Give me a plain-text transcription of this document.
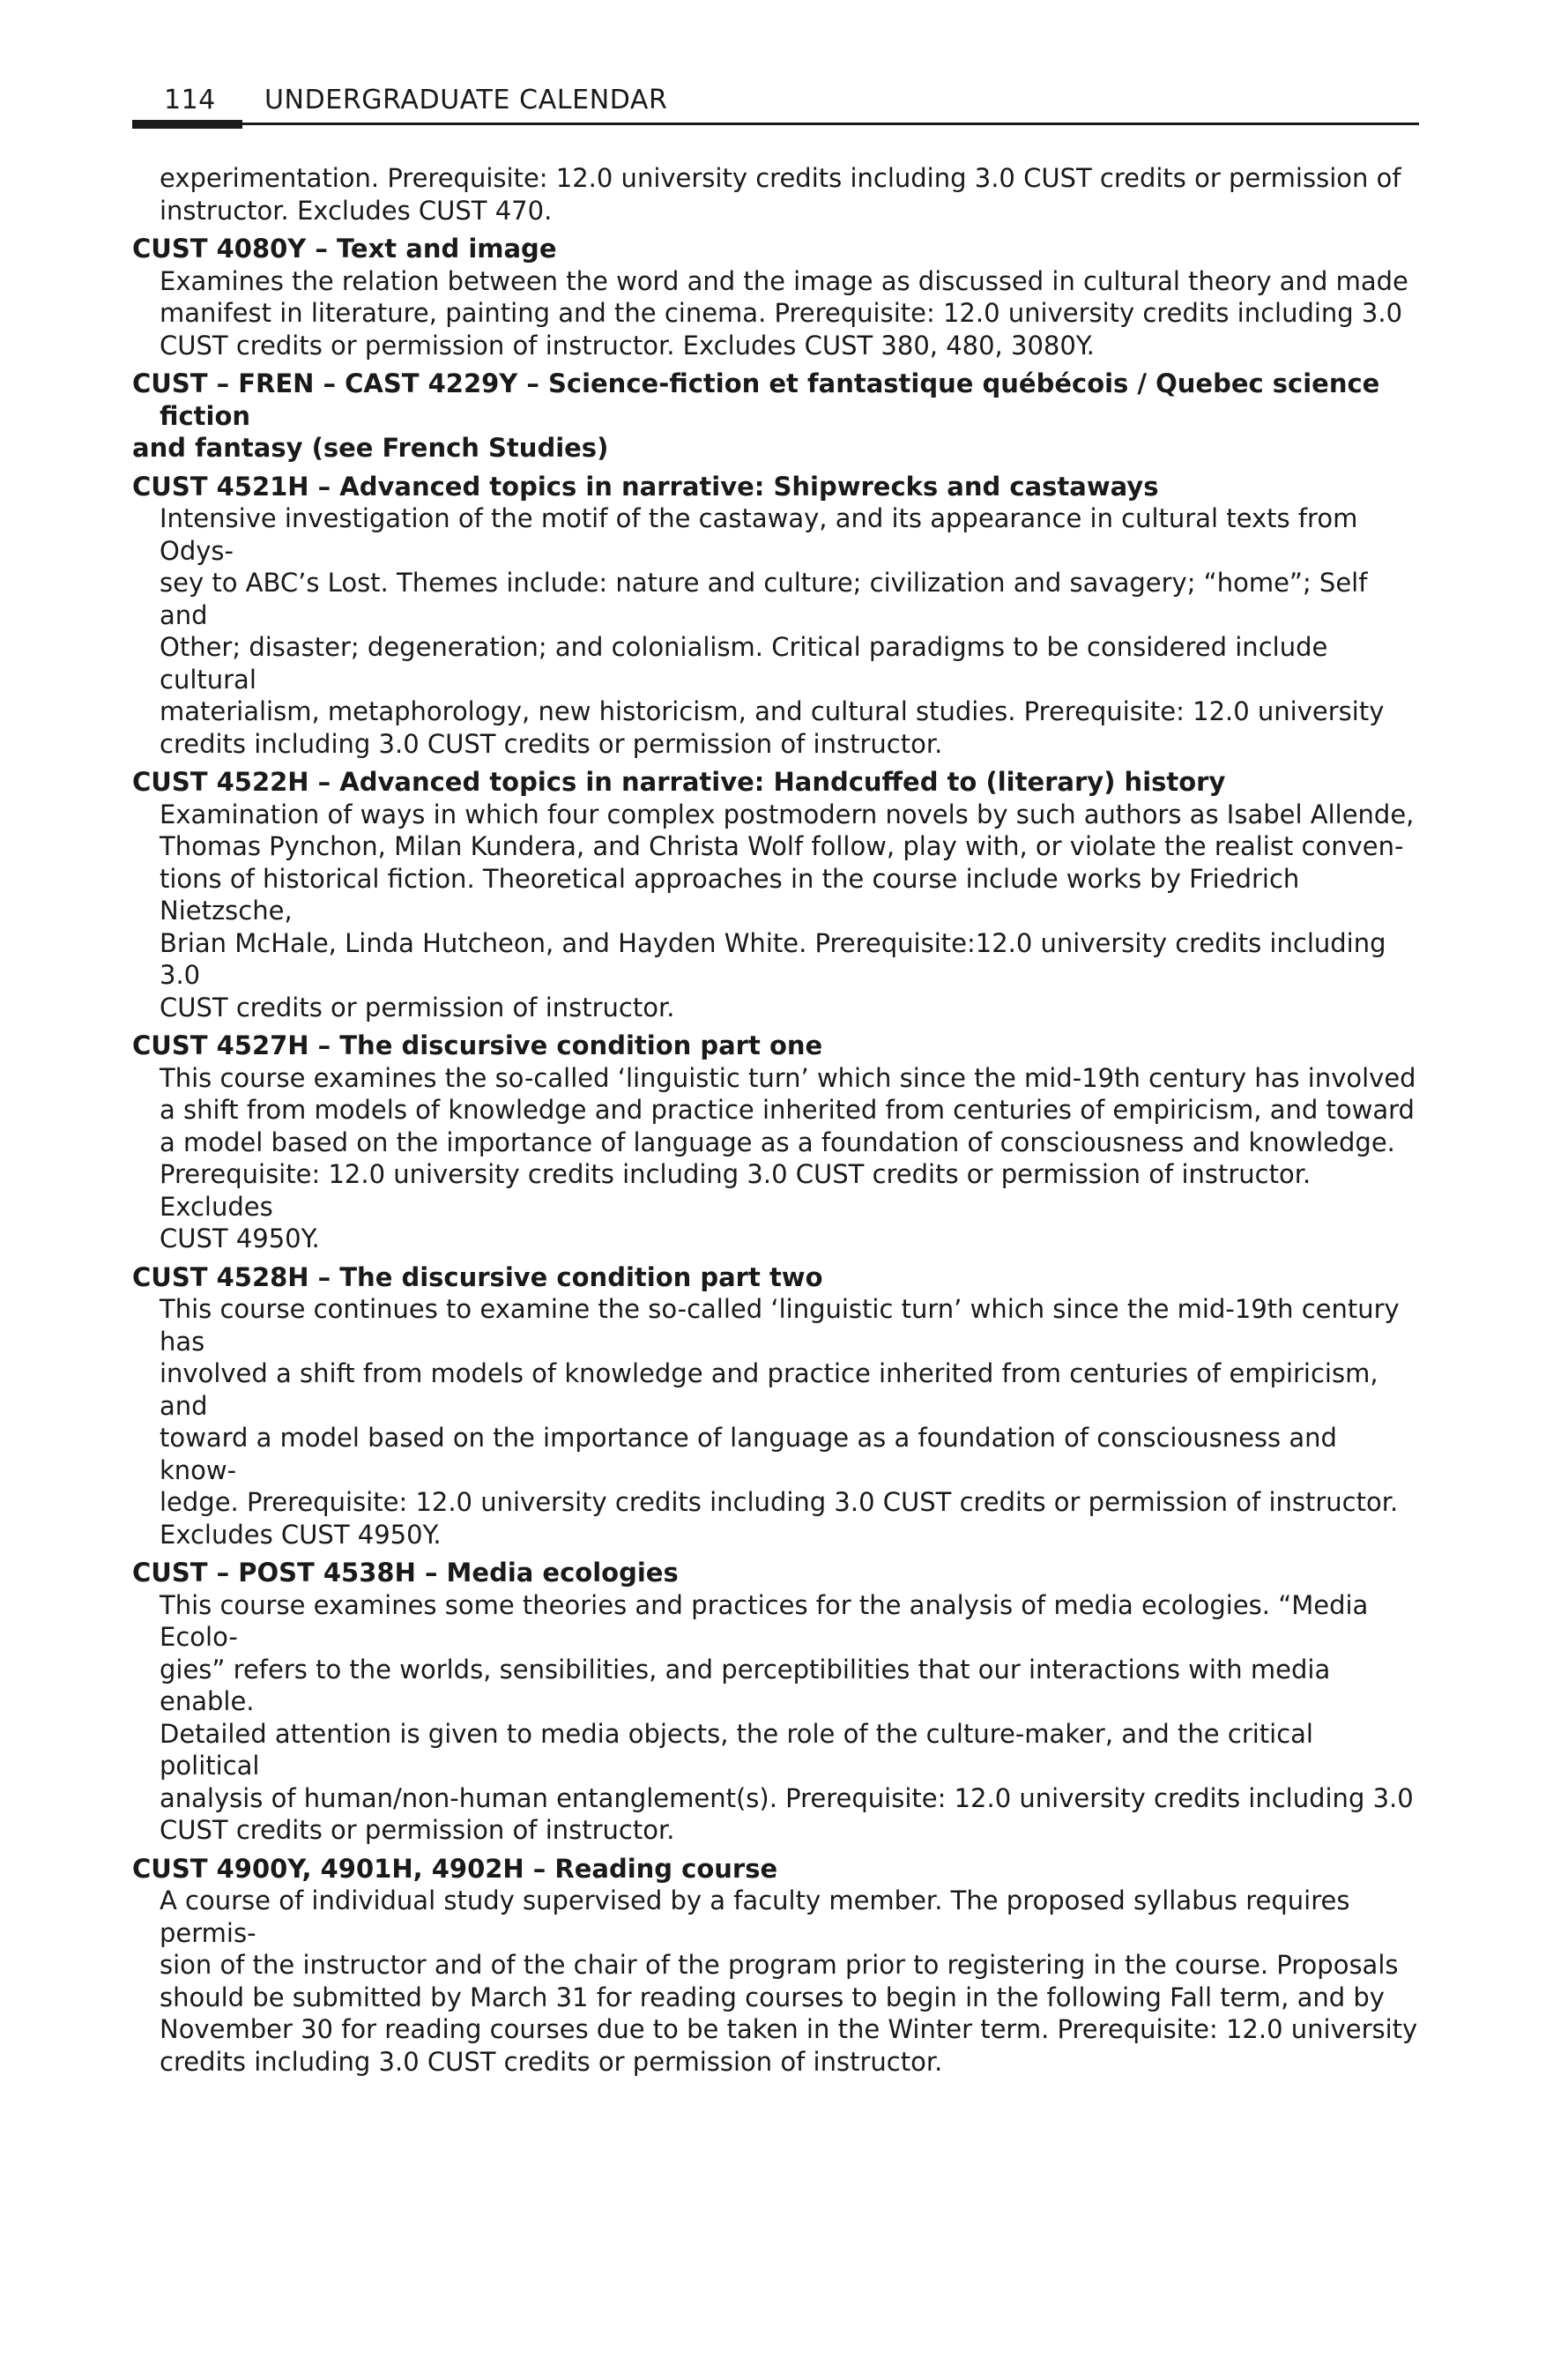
114 UNDERGRADUATE CALENDAR
experimentation. Prerequisite: 12.0 university credits including 3.0 CUST credits or permission of
instructor. Excludes CUST 470.
CUST 4080Y – Text and image
Examines the relation between the word and the image as discussed in cultural theory and made
manifest in literature, painting and the cinema. Prerequisite: 12.0 university credits including 3.0
CUST credits or permission of instructor. Excludes CUST 380, 480, 3080Y.
CUST – FREN – CAST 4229Y – Science-fiction et fantastique québécois / Quebec science fiction
and fantasy (see French Studies)
CUST 4521H – Advanced topics in narrative: Shipwrecks and castaways
Intensive investigation of the motif of the castaway, and its appearance in cultural texts from Odys-
sey to ABC’s Lost. Themes include: nature and culture; civilization and savagery; “home”; Self and
Other; disaster; degeneration; and colonialism. Critical paradigms to be considered include cultural
materialism, metaphorology, new historicism, and cultural studies. Prerequisite: 12.0 university
credits including 3.0 CUST credits or permission of instructor.
CUST 4522H – Advanced topics in narrative: Handcuffed to (literary) history
Examination of ways in which four complex postmodern novels by such authors as Isabel Allende,
Thomas Pynchon, Milan Kundera, and Christa Wolf follow, play with, or violate the realist conven-
tions of historical fiction. Theoretical approaches in the course include works by Friedrich Nietzsche,
Brian McHale, Linda Hutcheon, and Hayden White. Prerequisite:12.0 university credits including 3.0
CUST credits or permission of instructor.
CUST 4527H – The discursive condition part one
This course examines the so-called ‘linguistic turn’ which since the mid-19th century has involved
a shift from models of knowledge and practice inherited from centuries of empiricism, and toward
a model based on the importance of language as a foundation of consciousness and knowledge.
Prerequisite: 12.0 university credits including 3.0 CUST credits or permission of instructor. Excludes
CUST 4950Y.
CUST 4528H – The discursive condition part two
This course continues to examine the so-called ‘linguistic turn’ which since the mid-19th century has
involved a shift from models of knowledge and practice inherited from centuries of empiricism, and
toward a model based on the importance of language as a foundation of consciousness and know-
ledge. Prerequisite: 12.0 university credits including 3.0 CUST credits or permission of instructor.
Excludes CUST 4950Y.
CUST – POST 4538H – Media ecologies
This course examines some theories and practices for the analysis of media ecologies. “Media Ecolo-
gies” refers to the worlds, sensibilities, and perceptibilities that our interactions with media enable.
Detailed attention is given to media objects, the role of the culture-maker, and the critical political
analysis of human/non-human entanglement(s). Prerequisite: 12.0 university credits including 3.0
CUST credits or permission of instructor.
CUST 4900Y, 4901H, 4902H – Reading course
A course of individual study supervised by a faculty member. The proposed syllabus requires permis-
sion of the instructor and of the chair of the program prior to registering in the course. Proposals
should be submitted by March 31 for reading courses to begin in the following Fall term, and by
November 30 for reading courses due to be taken in the Winter term. Prerequisite: 12.0 university
credits including 3.0 CUST credits or permission of instructor.
